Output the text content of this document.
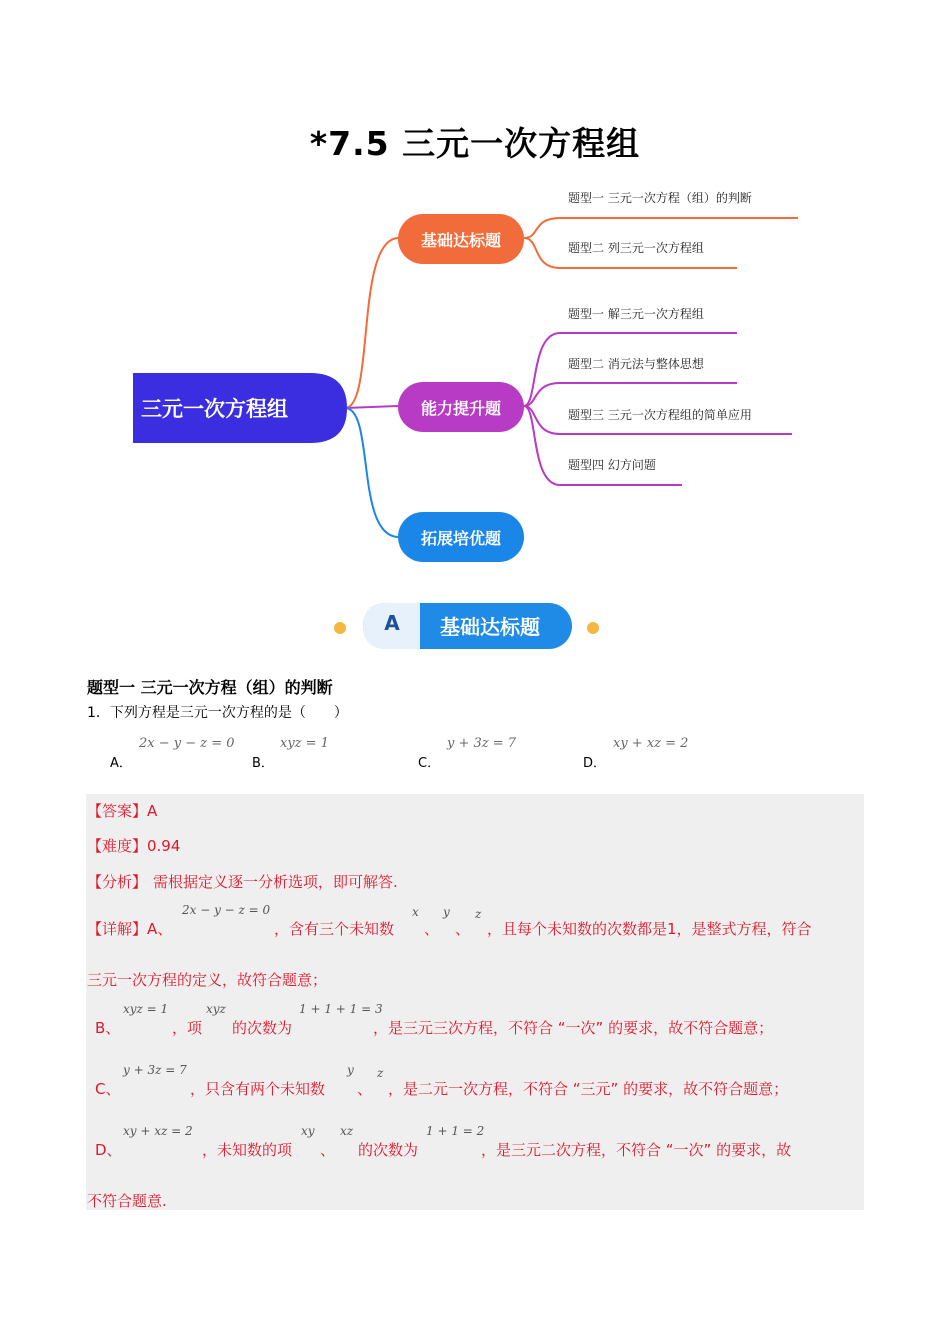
*7.5 三元一次方程组
三元一次方程组
基础达标题
能力提升题
拓展培优题
题型一 三元一次方程（组）的判断
题型二 列三元一次方程组
题型一 解三元一次方程组
题型二 消元法与整体思想
题型三 三元一次方程组的简单应用
题型四 幻方问题
A	基础达标题
题型一 三元一次方程（组）的判断
1．下列方程是三元一次方程的是（　　）
A．
2x − y − z = 0
B．
xyz = 1
C．
y + 3z = 7
D．
xy + xz = 2
【答案】A
【难度】0.94
【分析】 需根据定义逐一分析选项，即可解答.
【详解】A、
2x − y − z = 0
，含有三个未知数
x
、
y
、
z
，且每个未知数的次数都是1，是整式方程，符合
三元一次方程的定义，故符合题意；
B、
xyz = 1
，项
xyz
的次数为
1 + 1 + 1 = 3
，是三元三次方程，不符合 “一次” 的要求，故不符合题意；
C、
y + 3z = 7
，只含有两个未知数
y
、
z
，是二元一次方程，不符合 “三元” 的要求，故不符合题意；
D、
xy + xz = 2
，未知数的项
xy
、
xz
的次数为
1 + 1 = 2
，是三元二次方程，不符合 “一次” 的要求，故
不符合题意.
